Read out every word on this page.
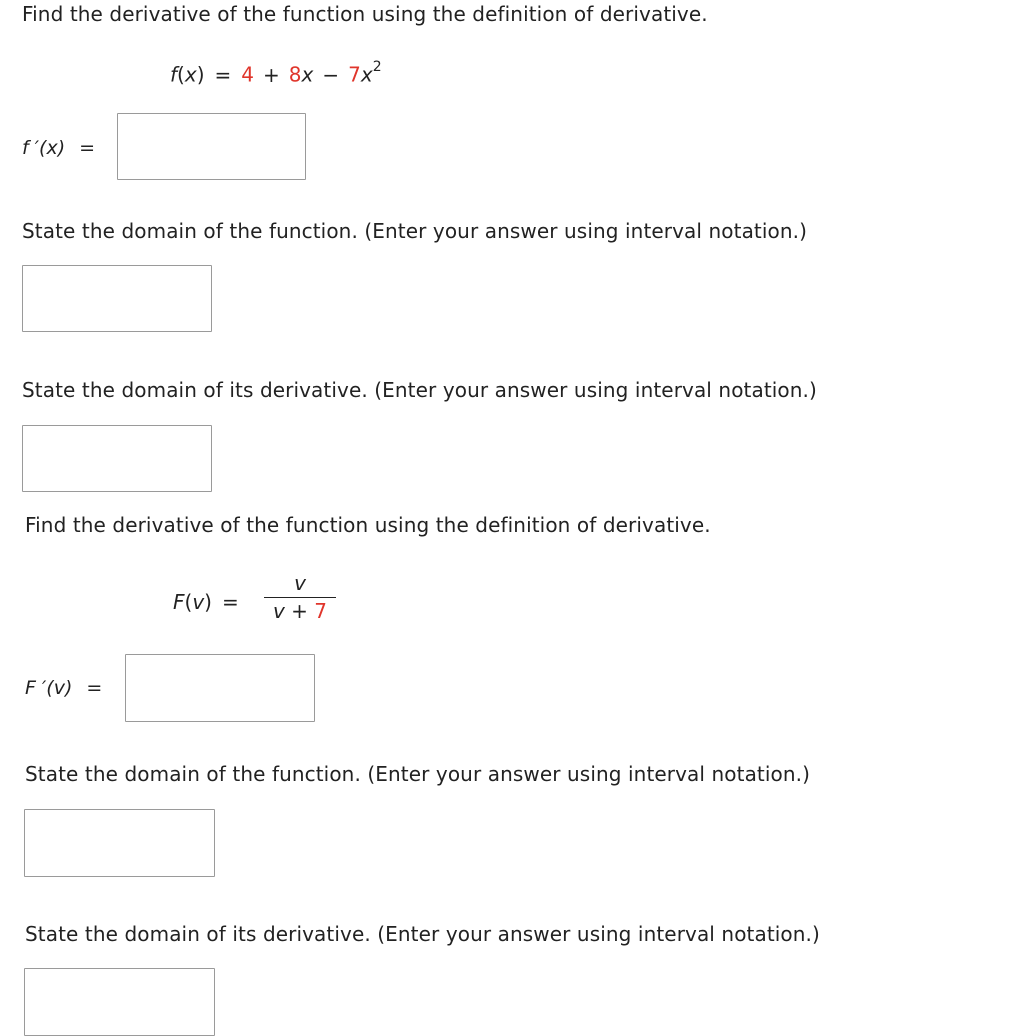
Find the derivative of the function using the definition of derivative.
$f(x) = 4 + 8x - 7x^2$
f ′(x) =
State the domain of the function. (Enter your answer using interval notation.)
State the domain of its derivative. (Enter your answer using interval notation.)
Find the derivative of the function using the definition of derivative.
F(v) =
v
v + 7
F ′(v) =
State the domain of the function. (Enter your answer using interval notation.)
State the domain of its derivative. (Enter your answer using interval notation.)
